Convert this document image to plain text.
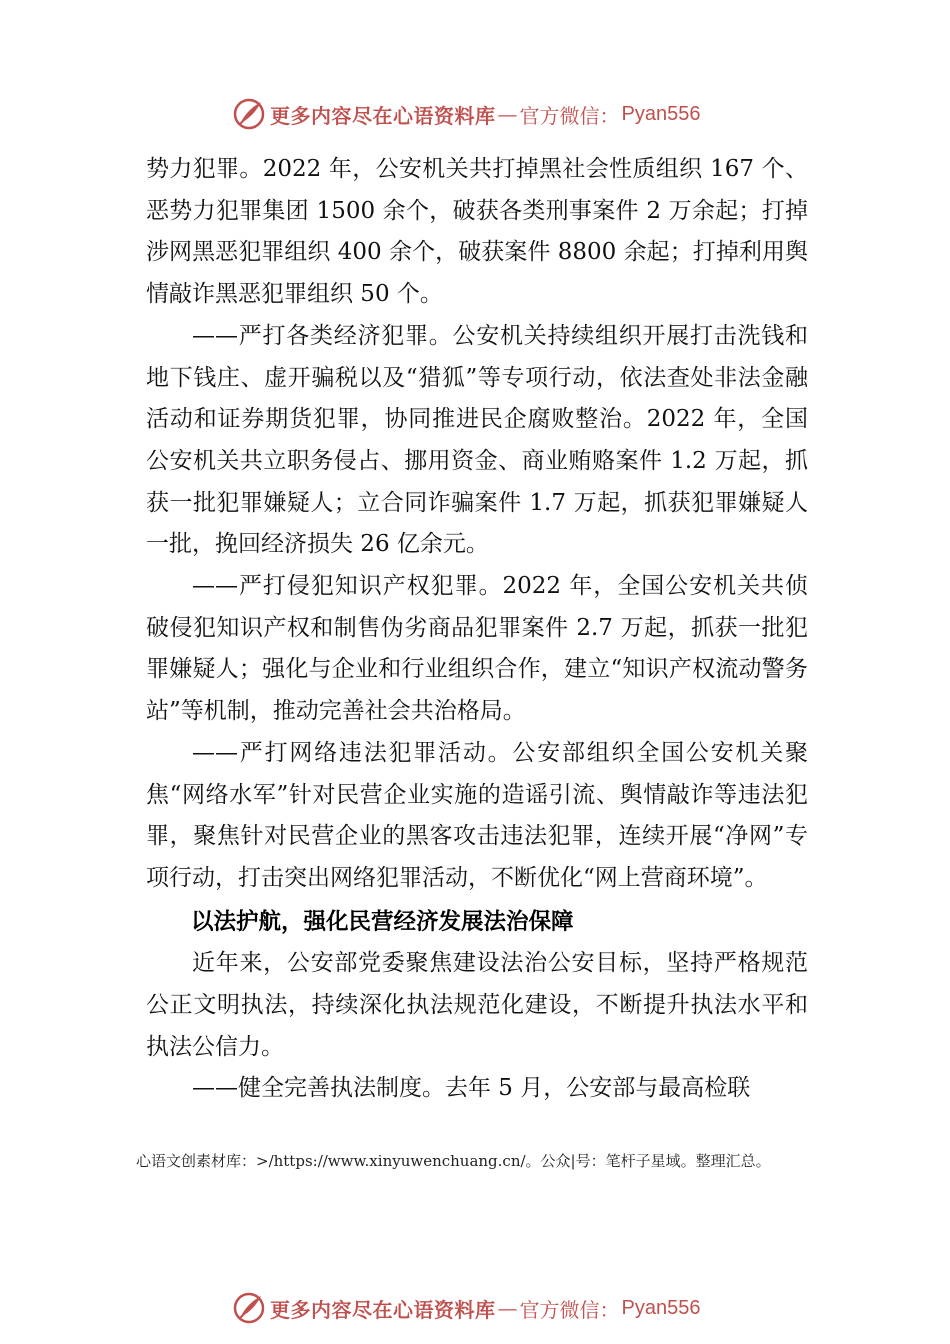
更多内容尽在心语资料库 — 官方微信： Pyan556

势力犯罪。2022 年，公安机关共打掉黑社会性质组织 167 个、恶势力犯罪集团 1500 余个，破获各类刑事案件 2 万余起；打掉涉网黑恶犯罪组织 400 余个，破获案件 8800 余起；打掉利用舆情敲诈黑恶犯罪组织 50 个。

——严打各类经济犯罪。公安机关持续组织开展打击洗钱和地下钱庄、虚开骗税以及“猎狐”等专项行动，依法查处非法金融活动和证券期货犯罪，协同推进民企腐败整治。2022 年，全国公安机关共立职务侵占、挪用资金、商业贿赂案件 1.2 万起，抓获一批犯罪嫌疑人；立合同诈骗案件 1.7 万起，抓获犯罪嫌疑人一批，挽回经济损失 26 亿余元。

——严打侵犯知识产权犯罪。2022 年，全国公安机关共侦破侵犯知识产权和制售伪劣商品犯罪案件 2.7 万起，抓获一批犯罪嫌疑人；强化与企业和行业组织合作，建立“知识产权流动警务站”等机制，推动完善社会共治格局。

——严打网络违法犯罪活动。公安部组织全国公安机关聚焦“网络水军”针对民营企业实施的造谣引流、舆情敲诈等违法犯罪，聚焦针对民营企业的黑客攻击违法犯罪，连续开展“净网”专项行动，打击突出网络犯罪活动，不断优化“网上营商环境”。

以法护航，强化民营经济发展法治保障

近年来，公安部党委聚焦建设法治公安目标，坚持严格规范公正文明执法，持续深化执法规范化建设，不断提升执法水平和执法公信力。

——健全完善执法制度。去年 5 月，公安部与最高检联

心语文创素材库：>/https://www.xinyuwenchuang.cn/。公众|号：笔杆子星域。整理汇总。
更多内容尽在心语资料库 — 官方微信： Pyan556
